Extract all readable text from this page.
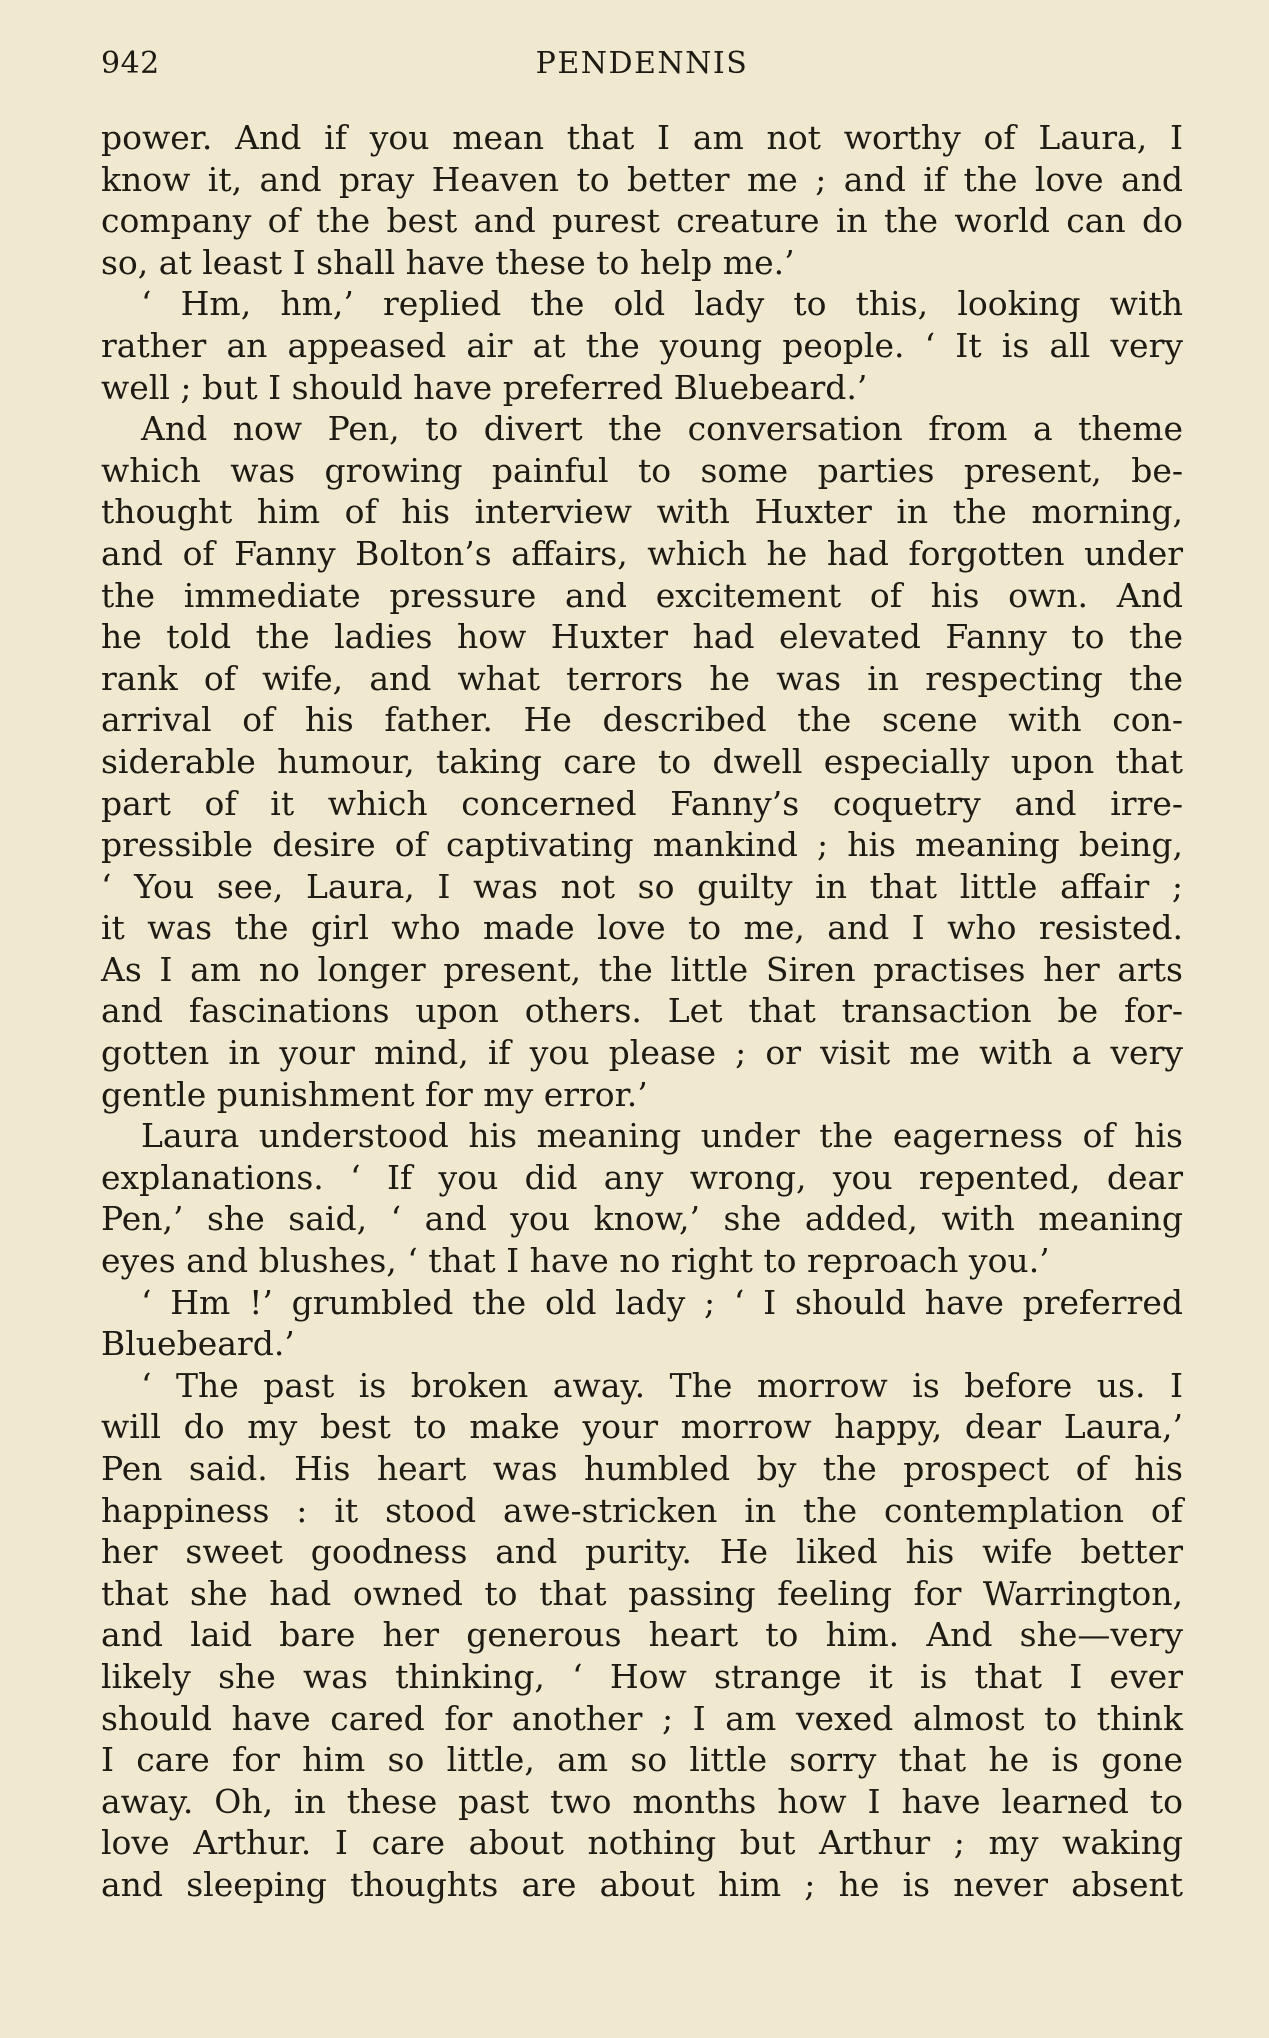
942	PENDENNIS
power. And if you mean that I am not worthy of Laura, I
know it, and pray Heaven to better me ; and if the love and
company of the best and purest creature in the world can do
so, at least I shall have these to help me.’
‘ Hm, hm,’ replied the old lady to this, looking with
rather an appeased air at the young people. ‘ It is all very
well ; but I should have preferred Bluebeard.’
And now Pen, to divert the conversation from a theme
which was growing painful to some parties present, be-
thought him of his interview with Huxter in the morning,
and of Fanny Bolton’s affairs, which he had forgotten under
the immediate pressure and excitement of his own. And
he told the ladies how Huxter had elevated Fanny to the
rank of wife, and what terrors he was in respecting the
arrival of his father. He described the scene with con-
siderable humour, taking care to dwell especially upon that
part of it which concerned Fanny’s coquetry and irre-
pressible desire of captivating mankind ; his meaning being,
‘ You see, Laura, I was not so guilty in that little affair ;
it was the girl who made love to me, and I who resisted.
As I am no longer present, the little Siren practises her arts
and fascinations upon others. Let that transaction be for-
gotten in your mind, if you please ; or visit me with a very
gentle punishment for my error.’
Laura understood his meaning under the eagerness of his
explanations. ‘ If you did any wrong, you repented, dear
Pen,’ she said, ‘ and you know,’ she added, with meaning
eyes and blushes, ‘ that I have no right to reproach you.’
‘ Hm !’ grumbled the old lady ; ‘ I should have preferred
Bluebeard.’
‘ The past is broken away. The morrow is before us. I
will do my best to make your morrow happy, dear Laura,’
Pen said. His heart was humbled by the prospect of his
happiness : it stood awe-stricken in the contemplation of
her sweet goodness and purity. He liked his wife better
that she had owned to that passing feeling for Warrington,
and laid bare her generous heart to him. And she—very
likely she was thinking, ‘ How strange it is that I ever
should have cared for another ; I am vexed almost to think
I care for him so little, am so little sorry that he is gone
away. Oh, in these past two months how I have learned to
love Arthur. I care about nothing but Arthur ; my waking
and sleeping thoughts are about him ; he is never absent
